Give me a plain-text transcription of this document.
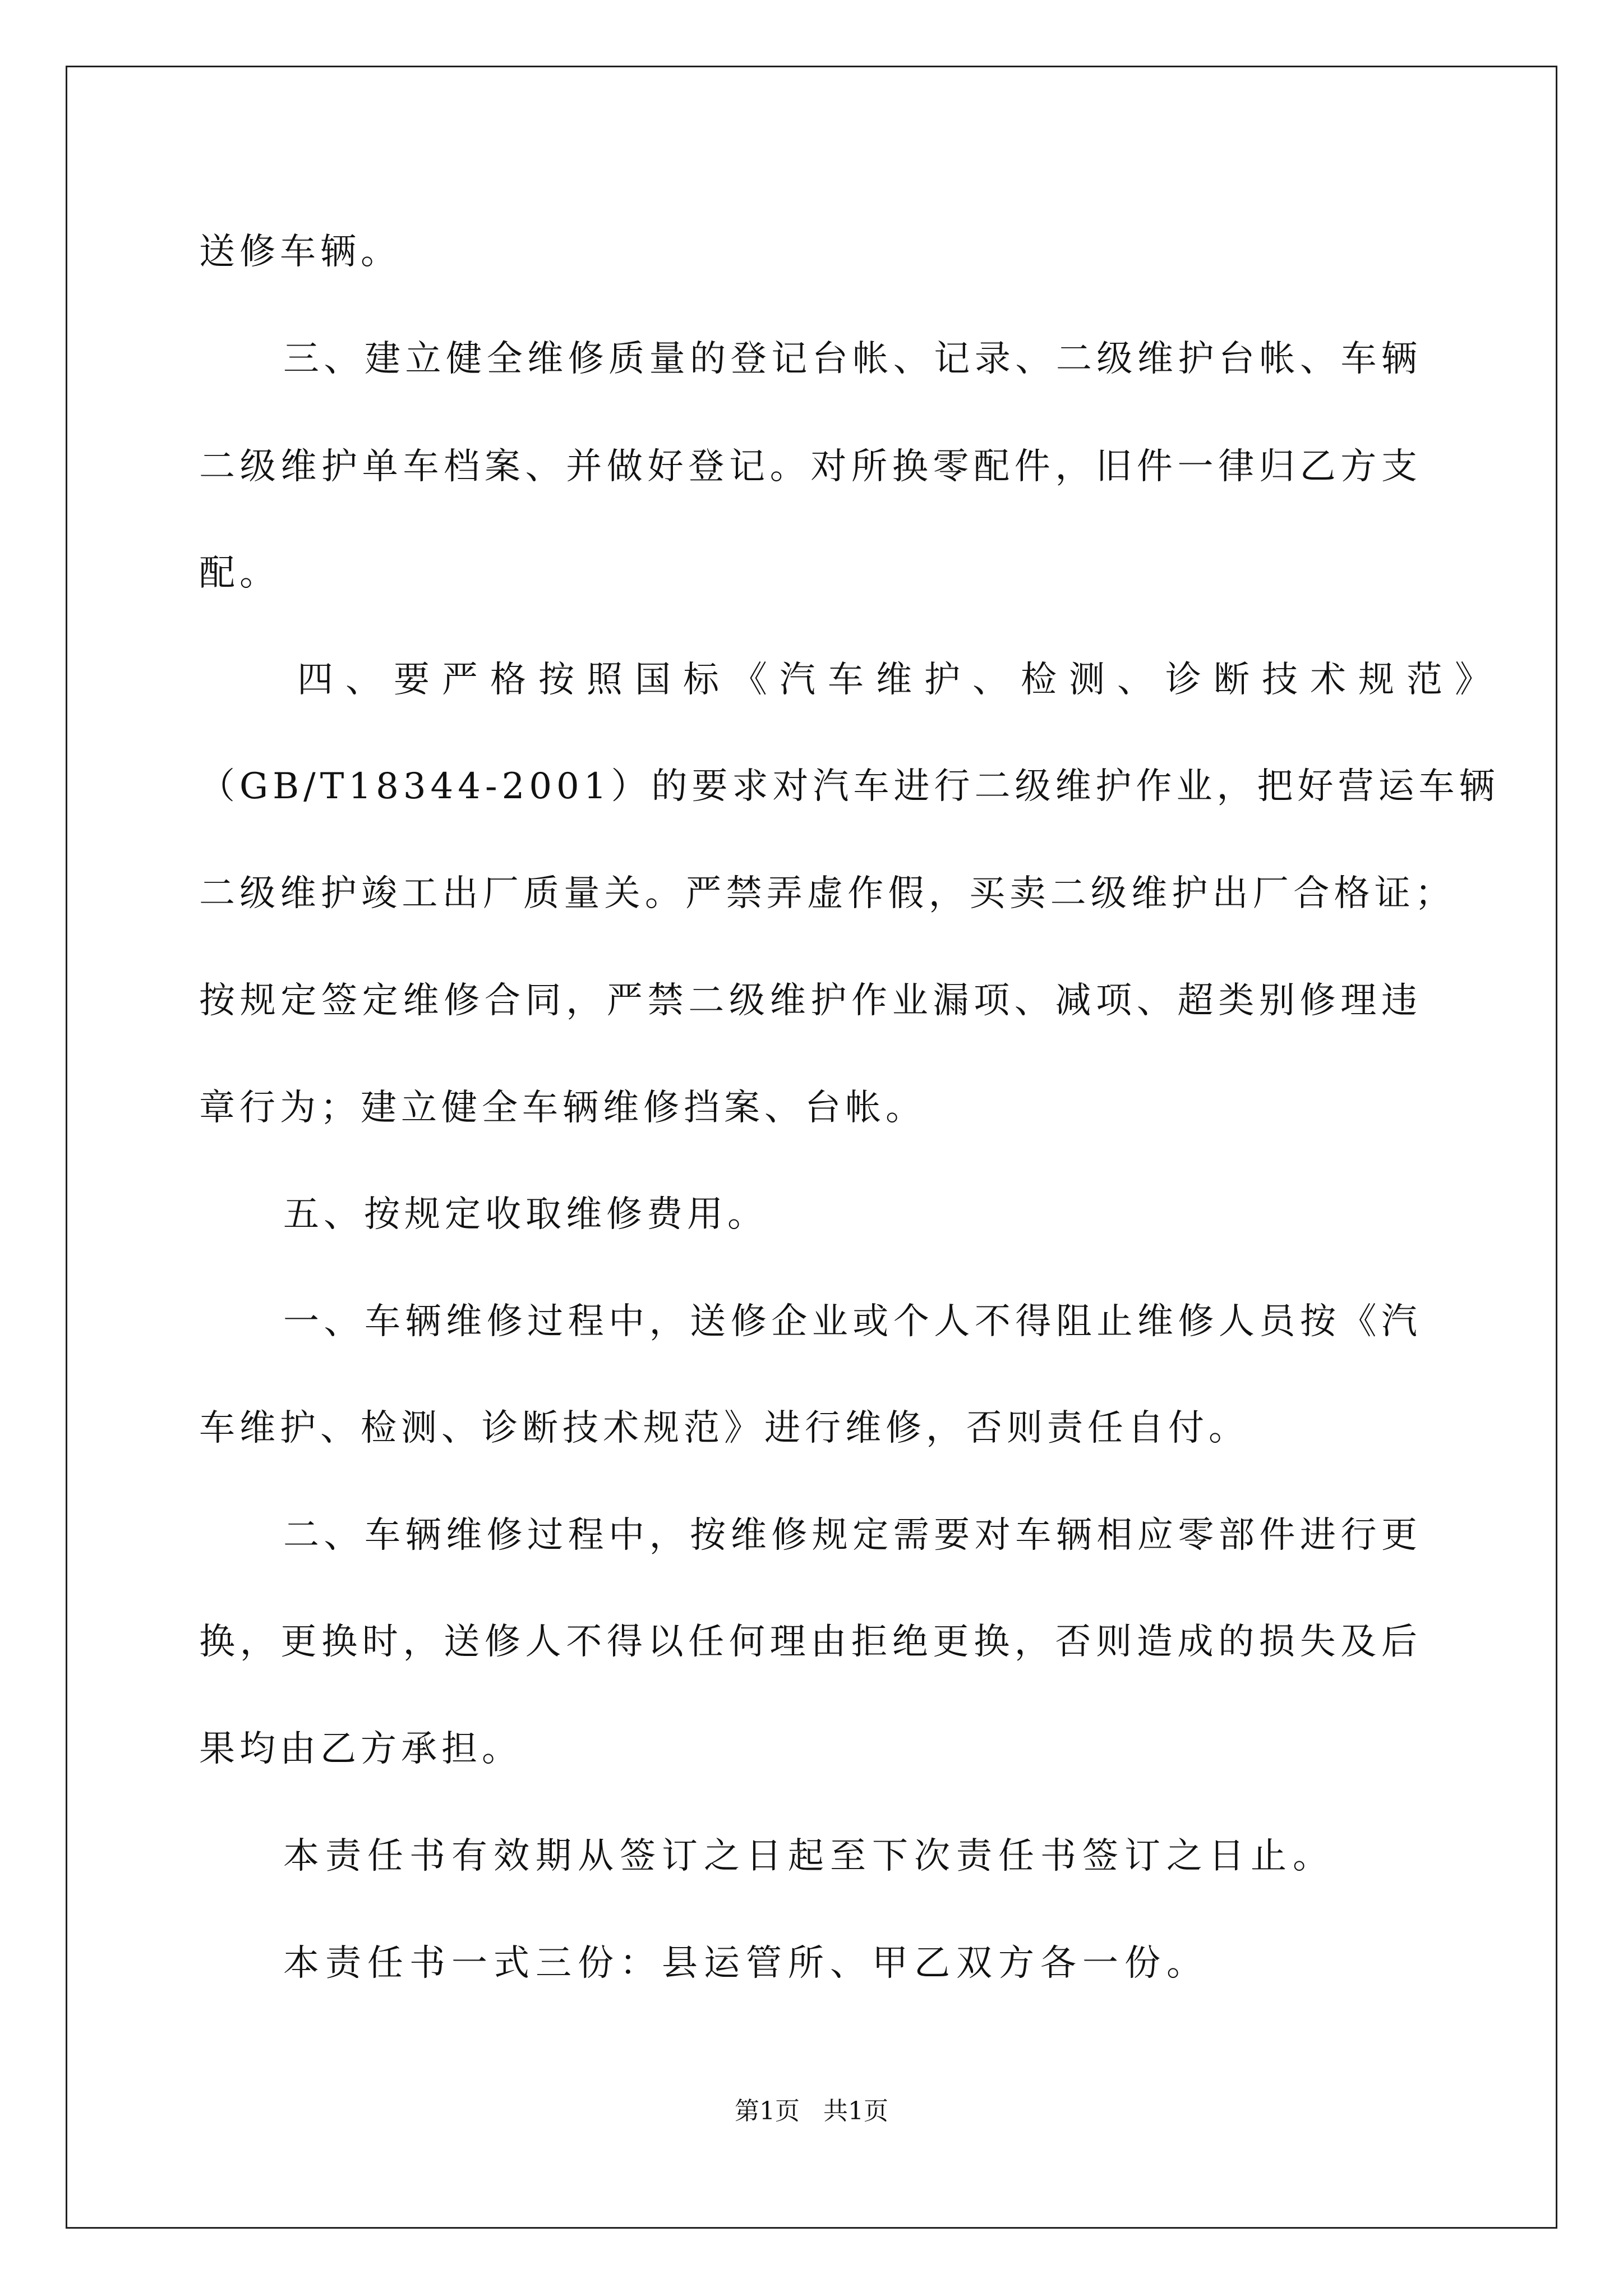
送修车辆。
三、建立健全维修质量的登记台帐、记录、二级维护台帐、车辆
二级维护单车档案、并做好登记。对所换零配件，旧件一律归乙方支
配。
四、要严格按照国标《汽车维护、检测、诊断技术规范》
（GB/T18344-2001）的要求对汽车进行二级维护作业，把好营运车辆
二级维护竣工出厂质量关。严禁弄虚作假，买卖二级维护出厂合格证；
按规定签定维修合同，严禁二级维护作业漏项、减项、超类别修理违
章行为；建立健全车辆维修挡案、台帐。
五、按规定收取维修费用。
一、车辆维修过程中，送修企业或个人不得阻止维修人员按《汽
车维护、检测、诊断技术规范》进行维修，否则责任自付。
二、车辆维修过程中，按维修规定需要对车辆相应零部件进行更
换，更换时，送修人不得以任何理由拒绝更换，否则造成的损失及后
果均由乙方承担。
本责任书有效期从签订之日起至下次责任书签订之日止。
本责任书一式三份：县运管所、甲乙双方各一份。
第1页   共1页
